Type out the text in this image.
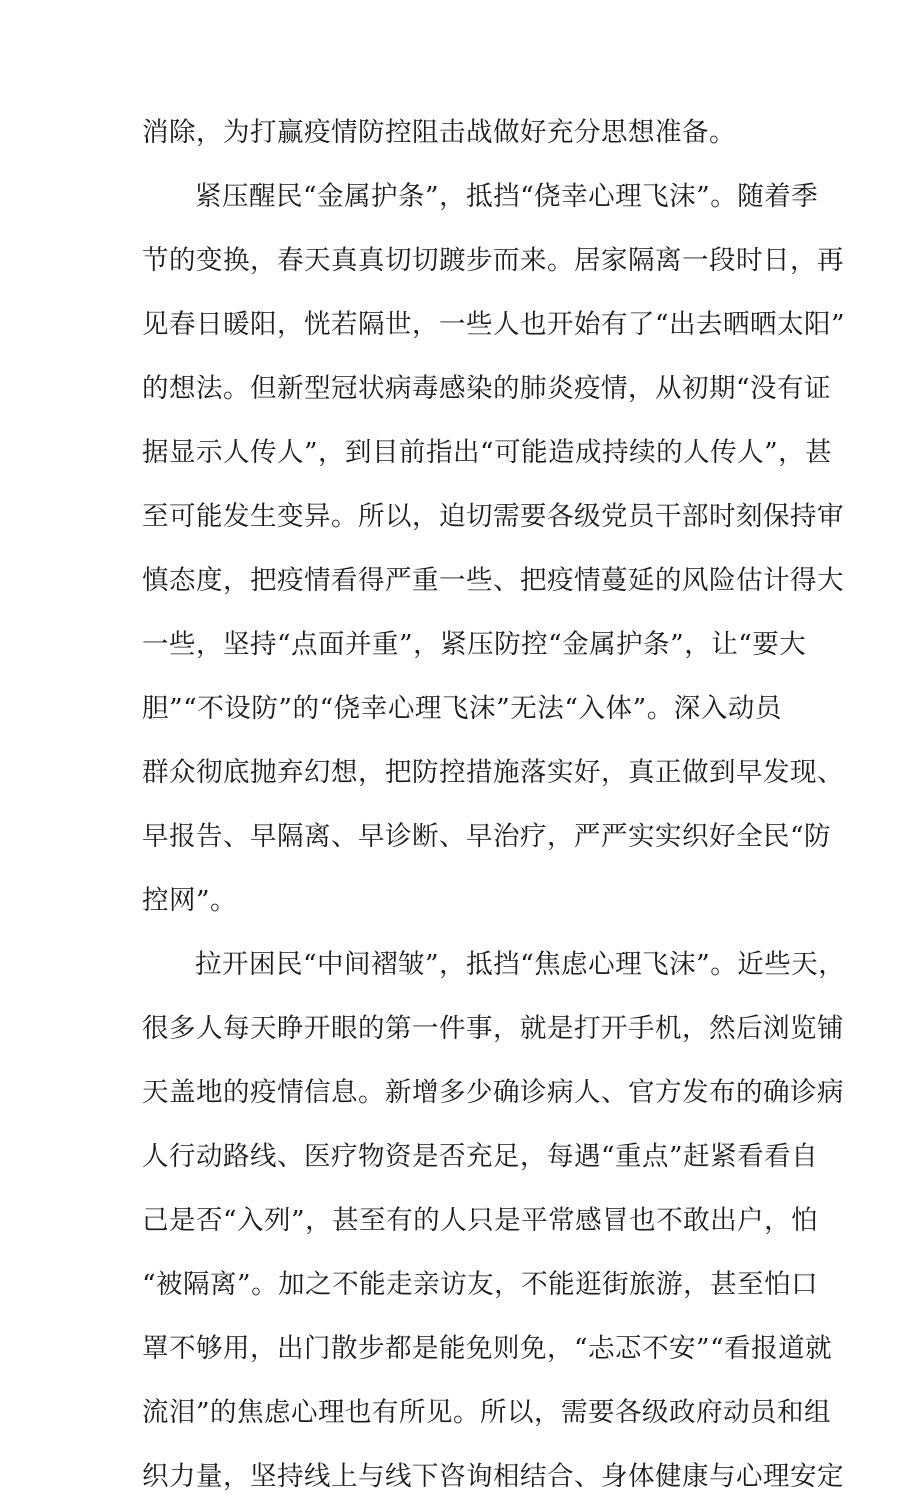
消除，为打赢疫情防控阻击战做好充分思想准备。
紧压醒民“金属护条”，抵挡“侥幸心理飞沫”。随着季
节的变换，春天真真切切踱步而来。居家隔离一段时日，再
见春日暖阳，恍若隔世，一些人也开始有了“出去晒晒太阳”
的想法。但新型冠状病毒感染的肺炎疫情，从初期“没有证
据显示人传人”，到目前指出“可能造成持续的人传人”，甚
至可能发生变异。所以，迫切需要各级党员干部时刻保持审
慎态度，把疫情看得严重一些、把疫情蔓延的风险估计得大
一些，坚持“点面并重”，紧压防控“金属护条”，让“要大
胆”“不设防”的“侥幸心理飞沫”无法“入体”。深入动员
群众彻底抛弃幻想，把防控措施落实好，真正做到早发现、
早报告、早隔离、早诊断、早治疗，严严实实织好全民“防
控网”。
拉开困民“中间褶皱”，抵挡“焦虑心理飞沫”。近些天，
很多人每天睁开眼的第一件事，就是打开手机，然后浏览铺
天盖地的疫情信息。新增多少确诊病人、官方发布的确诊病
人行动路线、医疗物资是否充足，每遇“重点”赶紧看看自
己是否“入列”，甚至有的人只是平常感冒也不敢出户，怕
“被隔离”。加之不能走亲访友，不能逛街旅游，甚至怕口
罩不够用，出门散步都是能免则免，“忐忑不安”“看报道就
流泪”的焦虑心理也有所见。所以，需要各级政府动员和组
织力量，坚持线上与线下咨询相结合、身体健康与心理安定
